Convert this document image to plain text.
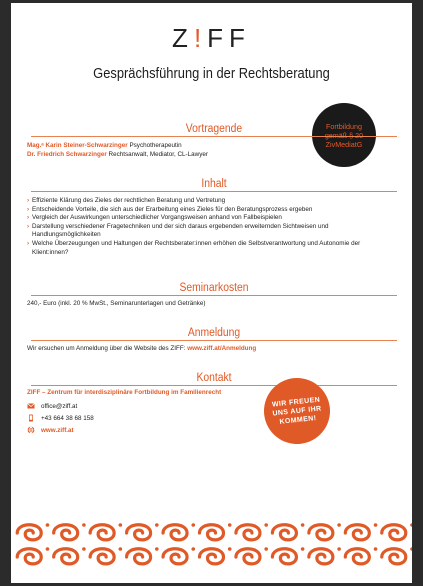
Z!FF
Gesprächsführung in der Rechtsberatung
Fortbildung
gemäß § 20
ZivMediatG
Vortragende
Mag.ᵃ Karin Steiner-Schwarzinger Psychotherapeutin
Dr. Friedrich Schwarzinger Rechtsanwalt, Mediator, CL-Lawyer
Inhalt
› Effiziente Klärung des Zieles der rechtlichen Beratung und Vertretung
› Entscheidende Vorteile, die sich aus der Erarbeitung eines Zieles für den Beratungsprozess ergeben
› Vergleich der Auswirkungen unterschiedlicher Vorgangsweisen anhand von Fallbeispielen
› Darstellung verschiedener Fragetechniken und der sich daraus ergebenden erweiternden Sichtweisen und Handlungsmöglichkeiten
› Welche Überzeugungen und Haltungen der Rechtsberater:innen erhöhen die Selbstverantwortung und Autonomie der Klient:innen?
Seminarkosten
240,- Euro (inkl. 20 % MwSt., Seminarunterlagen und Getränke)
Anmeldung
Wir ersuchen um Anmeldung über die Website des ZIFF: www.ziff.at/Anmeldung
Kontakt
ZIFF – Zentrum für interdisziplinäre Fortbildung im Familienrecht
office@ziff.at
+43 664 38 68 158
www.ziff.at
WIR FREUEN
UNS AUF IHR
KOMMEN!
